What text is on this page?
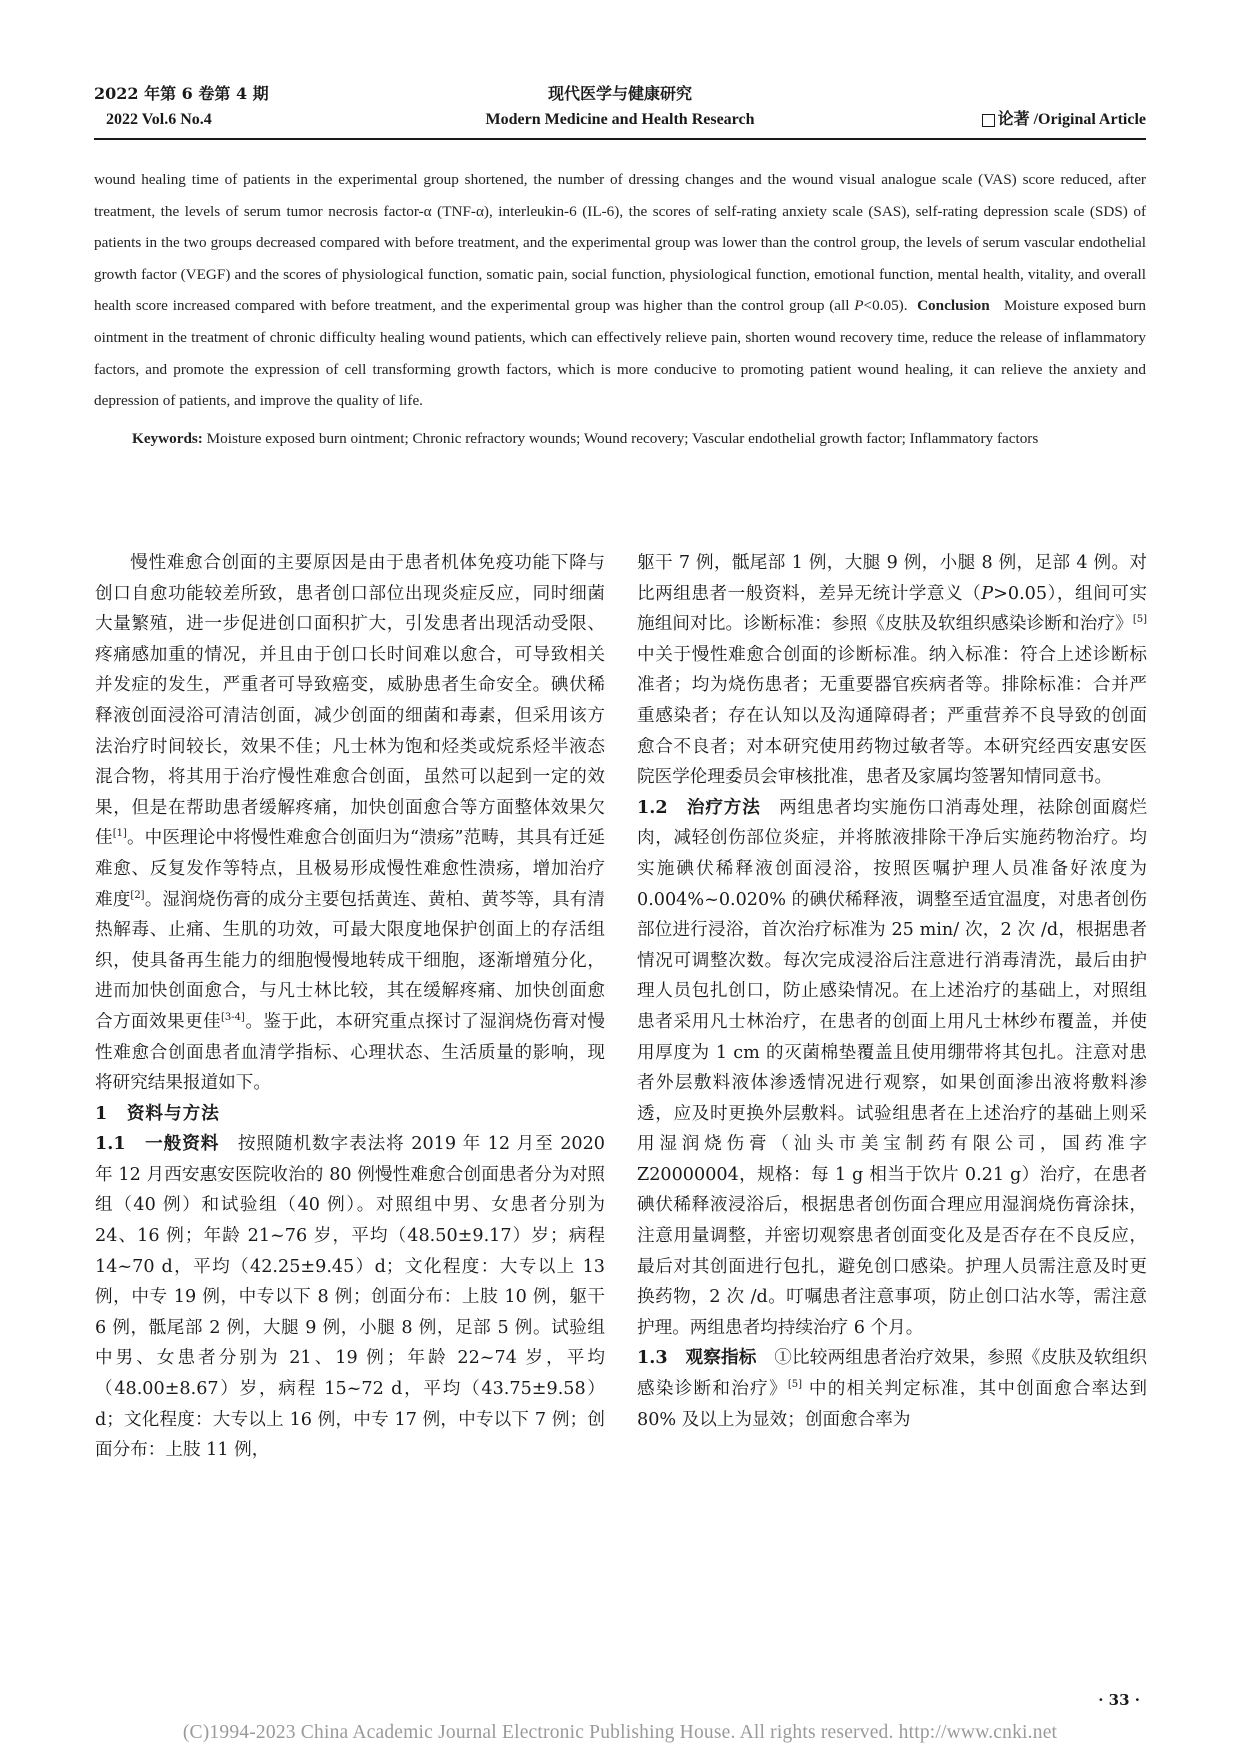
2022 年第 6 卷第 4 期	现代医学与健康研究
2022 Vol.6 No.4	Modern Medicine and Health Research	论著 /Original Article

wound healing time of patients in the experimental group shortened, the number of dressing changes and the wound visual analogue scale (VAS) score reduced, after treatment, the levels of serum tumor necrosis factor-α (TNF-α), interleukin-6 (IL-6), the scores of self-rating anxiety scale (SAS), self-rating depression scale (SDS) of patients in the two groups decreased compared with before treatment, and the experimental group was lower than the control group, the levels of serum vascular endothelial growth factor (VEGF) and the scores of physiological function, somatic pain, social function, physiological function, emotional function, mental health, vitality, and overall health score increased compared with before treatment, and the experimental group was higher than the control group (all P<0.05). Conclusion Moisture exposed burn ointment in the treatment of chronic difficulty healing wound patients, which can effectively relieve pain, shorten wound recovery time, reduce the release of inflammatory factors, and promote the expression of cell transforming growth factors, which is more conducive to promoting patient wound healing, it can relieve the anxiety and depression of patients, and improve the quality of life.

Keywords: Moisture exposed burn ointment; Chronic refractory wounds; Wound recovery; Vascular endothelial growth factor; Inflammatory factors

慢性难愈合创面的主要原因是由于患者机体免疫功能下降与创口自愈功能较差所致，患者创口部位出现炎症反应，同时细菌大量繁殖，进一步促进创口面积扩大，引发患者出现活动受限、疼痛感加重的情况，并且由于创口长时间难以愈合，可导致相关并发症的发生，严重者可导致癌变，威胁患者生命安全。碘伏稀释液创面浸浴可清洁创面，减少创面的细菌和毒素，但采用该方法治疗时间较长，效果不佳；凡士林为饱和烃类或烷系烃半液态混合物，将其用于治疗慢性难愈合创面，虽然可以起到一定的效果，但是在帮助患者缓解疼痛，加快创面愈合等方面整体效果欠佳[1]。中医理论中将慢性难愈合创面归为“溃疡”范畴，其具有迁延难愈、反复发作等特点，且极易形成慢性难愈性溃疡，增加治疗难度[2]。湿润烧伤膏的成分主要包括黄连、黄柏、黄芩等，具有清热解毒、止痛、生肌的功效，可最大限度地保护创面上的存活组织，使具备再生能力的细胞慢慢地转成干细胞，逐渐增殖分化，进而加快创面愈合，与凡士林比较，其在缓解疼痛、加快创面愈合方面效果更佳[3-4]。鉴于此，本研究重点探讨了湿润烧伤膏对慢性难愈合创面患者血清学指标、心理状态、生活质量的影响，现将研究结果报道如下。

1　资料与方法

1.1　一般资料　按照随机数字表法将 2019 年 12 月至 2020 年 12 月西安惠安医院收治的 80 例慢性难愈合创面患者分为对照组（40 例）和试验组（40 例）。对照组中男、女患者分别为 24、16 例；年龄 21~76 岁，平均（48.50±9.17）岁；病程 14~70 d，平均（42.25±9.45）d；文化程度：大专以上 13 例，中专 19 例，中专以下 8 例；创面分布：上肢 10 例，躯干 6 例，骶尾部 2 例，大腿 9 例，小腿 8 例，足部 5 例。试验组中男、女患者分别为 21、19 例；年龄 22~74 岁，平均（48.00±8.67）岁，病程 15~72 d，平均（43.75±9.58）d；文化程度：大专以上 16 例，中专 17 例，中专以下 7 例；创面分布：上肢 11 例，

躯干 7 例，骶尾部 1 例，大腿 9 例，小腿 8 例，足部 4 例。对比两组患者一般资料，差异无统计学意义（P>0.05），组间可实施组间对比。诊断标准：参照《皮肤及软组织感染诊断和治疗》[5] 中关于慢性难愈合创面的诊断标准。纳入标准：符合上述诊断标准者；均为烧伤患者；无重要器官疾病者等。排除标准：合并严重感染者；存在认知以及沟通障碍者；严重营养不良导致的创面愈合不良者；对本研究使用药物过敏者等。本研究经西安惠安医院医学伦理委员会审核批准，患者及家属均签署知情同意书。

1.2　治疗方法　两组患者均实施伤口消毒处理，祛除创面腐烂肉，减轻创伤部位炎症，并将脓液排除干净后实施药物治疗。均实施碘伏稀释液创面浸浴，按照医嘱护理人员准备好浓度为 0.004%~0.020% 的碘伏稀释液，调整至适宜温度，对患者创伤部位进行浸浴，首次治疗标准为 25 min/ 次，2 次 /d，根据患者情况可调整次数。每次完成浸浴后注意进行消毒清洗，最后由护理人员包扎创口，防止感染情况。在上述治疗的基础上，对照组患者采用凡士林治疗，在患者的创面上用凡士林纱布覆盖，并使用厚度为 1 cm 的灭菌棉垫覆盖且使用绷带将其包扎。注意对患者外层敷料液体渗透情况进行观察，如果创面渗出液将敷料渗透，应及时更换外层敷料。试验组患者在上述治疗的基础上则采用湿润烧伤膏（汕头市美宝制药有限公司，国药准字 Z20000004，规格：每 1 g 相当于饮片 0.21 g）治疗，在患者碘伏稀释液浸浴后，根据患者创伤面合理应用湿润烧伤膏涂抹，注意用量调整，并密切观察患者创面变化及是否存在不良反应，最后对其创面进行包扎，避免创口感染。护理人员需注意及时更换药物，2 次 /d。叮嘱患者注意事项，防止创口沾水等，需注意护理。两组患者均持续治疗 6 个月。

1.3　观察指标　①比较两组患者治疗效果，参照《皮肤及软组织感染诊断和治疗》[5] 中的相关判定标准，其中创面愈合率达到 80% 及以上为显效；创面愈合率为

· 33 ·
(C)1994-2023 China Academic Journal Electronic Publishing House. All rights reserved. http://www.cnki.net
